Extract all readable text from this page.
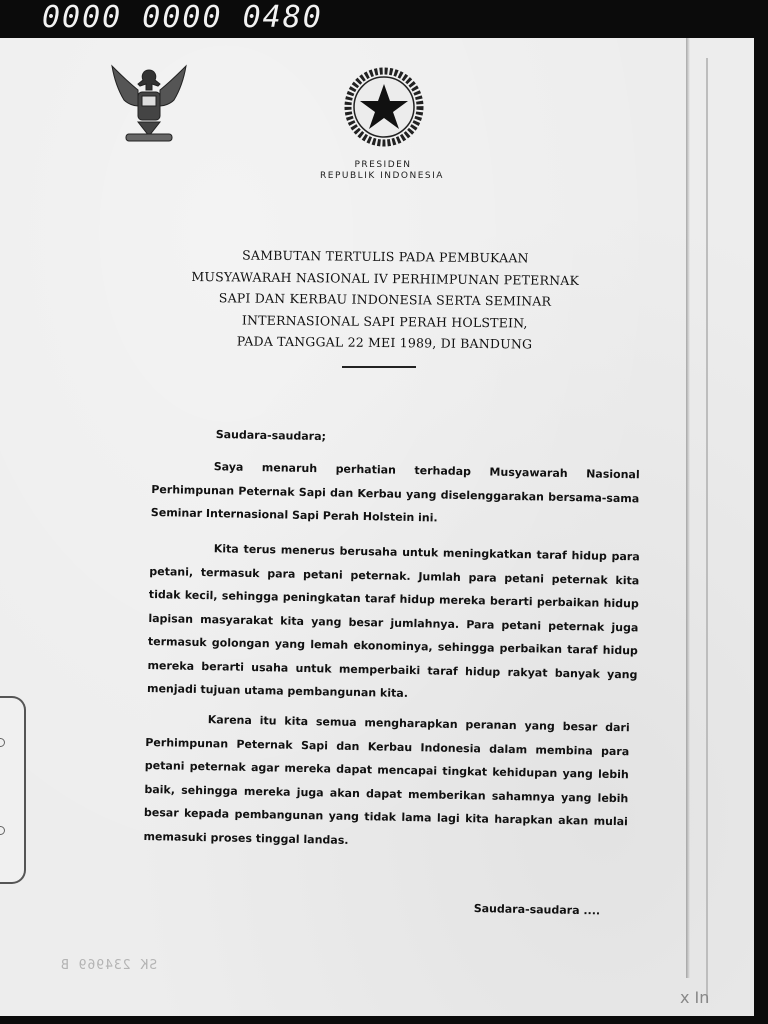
0000 0000 0480
PRESIDEN
REPUBLIK INDONESIA
SAMBUTAN TERTULIS PADA PEMBUKAAN
MUSYAWARAH NASIONAL IV PERHIMPUNAN PETERNAK
SAPI DAN KERBAU INDONESIA SERTA SEMINAR
INTERNASIONAL SAPI PERAH HOLSTEIN,
PADA TANGGAL 22 MEI 1989, DI BANDUNG
Saudara-saudara;
Saya menaruh perhatian terhadap Musyawarah Nasional Perhimpunan Peternak Sapi dan Kerbau yang diselenggarakan bersama-sama Seminar Internasional Sapi Perah Holstein ini.
Kita terus menerus berusaha untuk meningkatkan taraf hidup para petani, termasuk para petani peternak. Jumlah para petani peternak kita tidak kecil, sehingga peningkatan taraf hidup mereka berarti perbaikan hidup lapisan masyarakat kita yang besar jumlahnya. Para petani peternak juga termasuk golongan yang lemah ekonominya, sehingga perbaikan taraf hidup mereka berarti usaha untuk memperbaiki taraf hidup rakyat banyak yang menjadi tujuan utama pembangunan kita.
Karena itu kita semua mengharapkan peranan yang besar dari Perhimpunan Peternak Sapi dan Kerbau Indonesia dalam membina para petani peternak agar mereka dapat mencapai tingkat kehidupan yang lebih baik, sehingga mereka juga akan dapat memberikan sahamnya yang lebih besar kepada pembangunan yang tidak lama lagi kita harapkan akan mulai memasuki proses tinggal landas.
Saudara-saudara ....
SK 234969 B
x In
